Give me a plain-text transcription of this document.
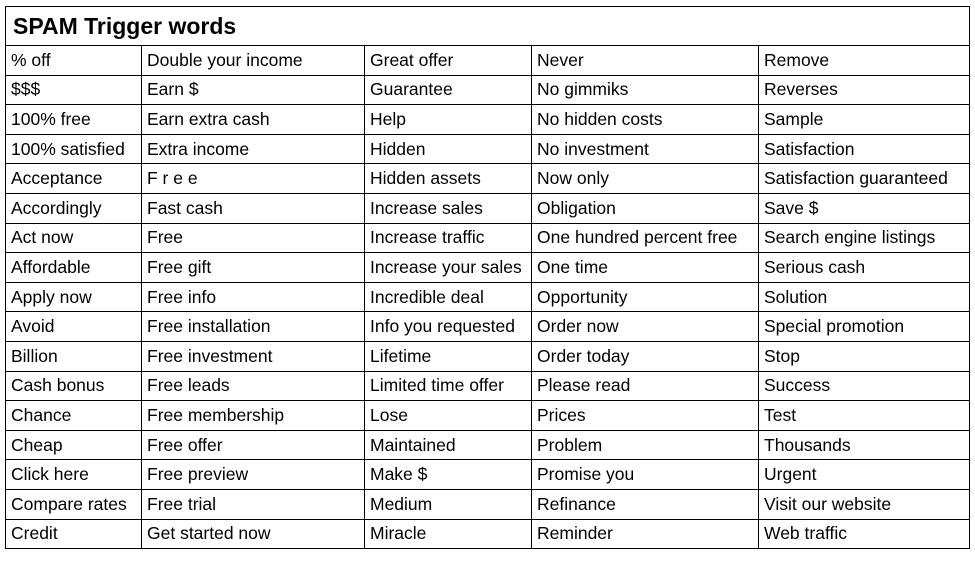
SPAM Trigger words				
% off	Double your income	Great offer	Never	Remove
$$$	Earn $	Guarantee	No gimmiks	Reverses
100% free	Earn extra cash	Help	No hidden costs	Sample
100% satisfied	Extra income	Hidden	No investment	Satisfaction
Acceptance	F r e e	Hidden assets	Now only	Satisfaction guaranteed
Accordingly	Fast cash	Increase sales	Obligation	Save $
Act now	Free	Increase traffic	One hundred percent free	Search engine listings
Affordable	Free gift	Increase your sales	One time	Serious cash
Apply now	Free info	Incredible deal	Opportunity	Solution
Avoid	Free installation	Info you requested	Order now	Special promotion
Billion	Free investment	Lifetime	Order today	Stop
Cash bonus	Free leads	Limited time offer	Please read	Success
Chance	Free membership	Lose	Prices	Test
Cheap	Free offer	Maintained	Problem	Thousands
Click here	Free preview	Make $	Promise you	Urgent
Compare rates	Free trial	Medium	Refinance	Visit our website
Credit	Get started now	Miracle	Reminder	Web traffic
